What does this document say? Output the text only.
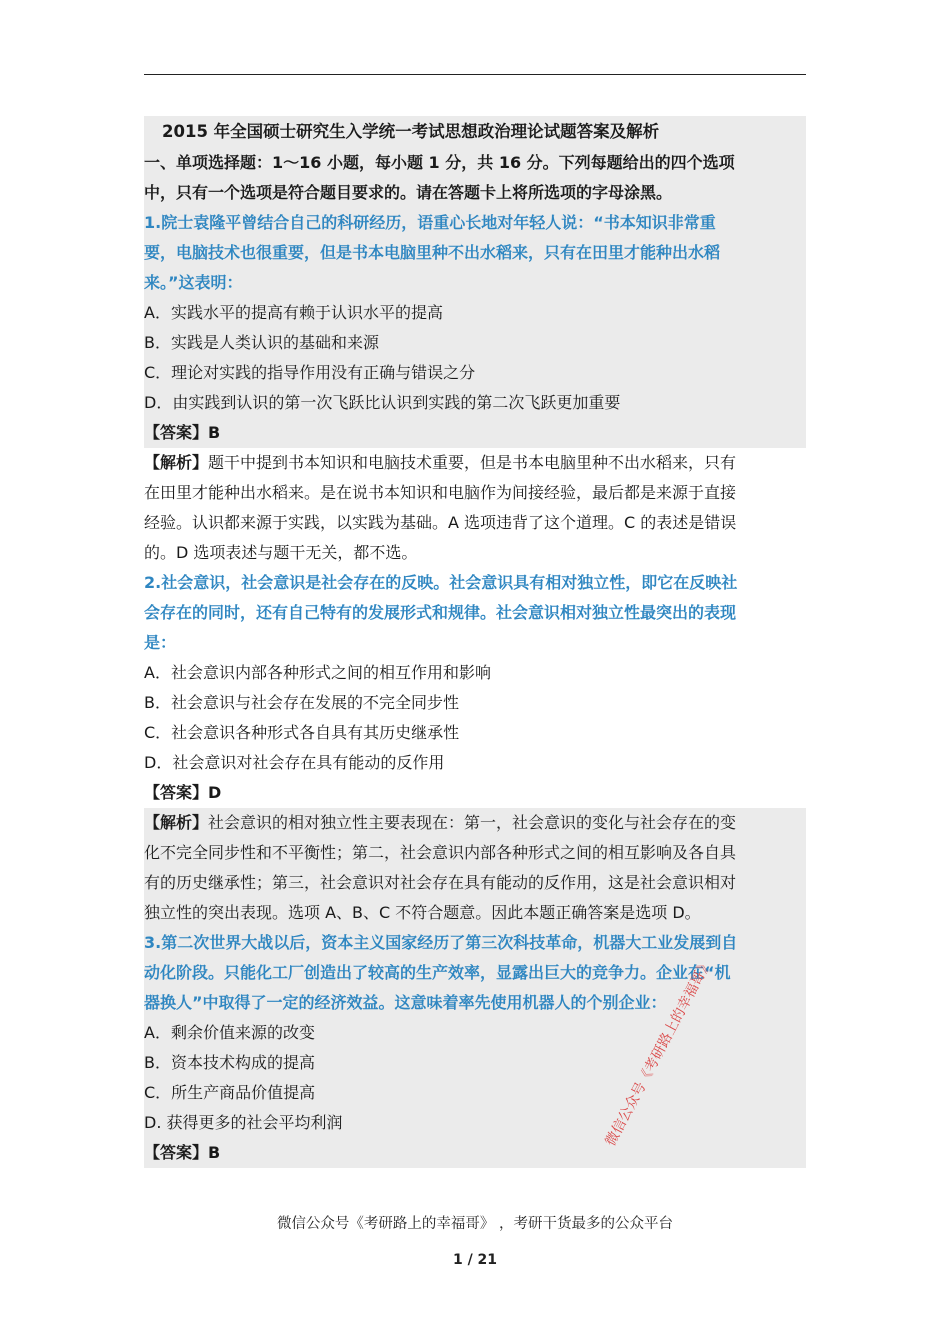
2015 年全国硕士研究生入学统一考试思想政治理论试题答案及解析
一、单项选择题：1～16 小题，每小题 1 分，共 16 分。下列每题给出的四个选项
中，只有一个选项是符合题目要求的。请在答题卡上将所选项的字母涂黑。
1.院士袁隆平曾结合自己的科研经历，语重心长地对年轻人说：“书本知识非常重
要，电脑技术也很重要，但是书本电脑里种不出水稻来，只有在田里才能种出水稻
来。”这表明：
A．实践水平的提高有赖于认识水平的提高
B．实践是人类认识的基础和来源
C．理论对实践的指导作用没有正确与错误之分
D．由实践到认识的第一次飞跃比认识到实践的第二次飞跃更加重要
【答案】B
【解析】题干中提到书本知识和电脑技术重要，但是书本电脑里种不出水稻来，只有
在田里才能种出水稻来。是在说书本知识和电脑作为间接经验，最后都是来源于直接
经验。认识都来源于实践，以实践为基础。A 选项违背了这个道理。C 的表述是错误
的。D 选项表述与题干无关，都不选。
2.社会意识，社会意识是社会存在的反映。社会意识具有相对独立性，即它在反映社
会存在的同时，还有自己特有的发展形式和规律。社会意识相对独立性最突出的表现
是：
A．社会意识内部各种形式之间的相互作用和影响
B．社会意识与社会存在发展的不完全同步性
C．社会意识各种形式各自具有其历史继承性
D．社会意识对社会存在具有能动的反作用
【答案】D
【解析】社会意识的相对独立性主要表现在：第一，社会意识的变化与社会存在的变
化不完全同步性和不平衡性；第二，社会意识内部各种形式之间的相互影响及各自具
有的历史继承性；第三，社会意识对社会存在具有能动的反作用，这是社会意识相对
独立性的突出表现。选项 A、B、C 不符合题意。因此本题正确答案是选项 D。
3.第二次世界大战以后，资本主义国家经历了第三次科技革命，机器大工业发展到自
动化阶段。只能化工厂创造出了较高的生产效率，显露出巨大的竞争力。企业在“机
器换人”中取得了一定的经济效益。这意味着率先使用机器人的个别企业：
A．剩余价值来源的改变
B．资本技术构成的提高
C．所生产商品价值提高
D. 获得更多的社会平均利润
【答案】B
微信公众号《考研路上的幸福哥》
微信公众号《考研路上的幸福哥》 ，考研干货最多的公众平台
1 / 21
